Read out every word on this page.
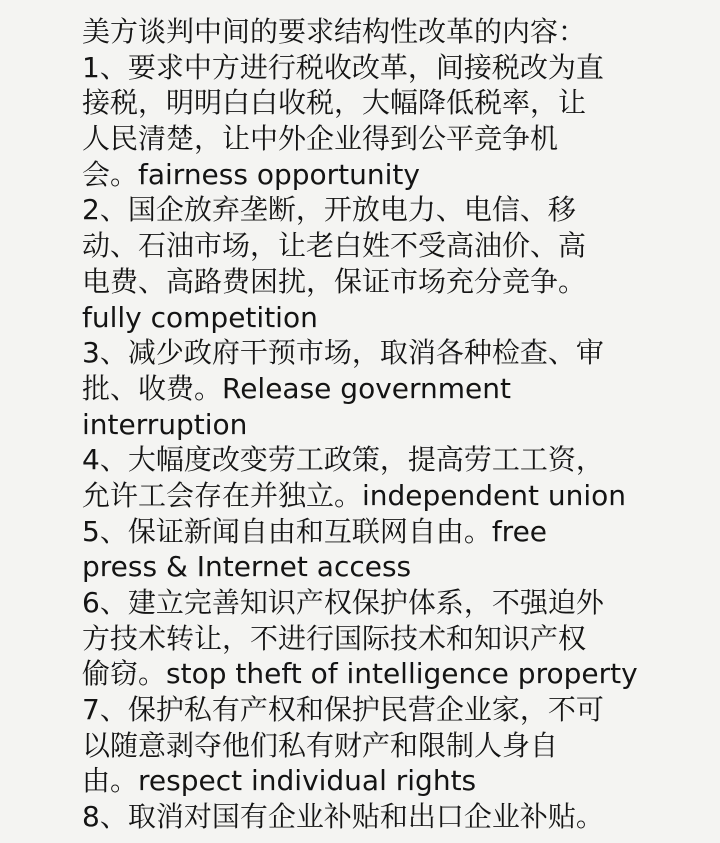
美方谈判中间的要求结构性改革的内容：
1、要求中方进行税收改革，间接税改为直
接税，明明白白收税，大幅降低税率，让
人民清楚，让中外企业得到公平竞争机
会。fairness opportunity
2、国企放弃垄断，开放电力、电信、移
动、石油市场，让老白姓不受高油价、高
电费、高路费困扰，保证市场充分竞争。
fully competition
3、减少政府干预市场，取消各种检查、审
批、收费。Release government
interruption
4、大幅度改变劳工政策，提高劳工工资，
允许工会存在并独立。independent union
5、保证新闻自由和互联网自由。free
press & Internet access
6、建立完善知识产权保护体系，不强迫外
方技术转让，不进行国际技术和知识产权
偷窃。stop theft of intelligence property
7、保护私有产权和保护民营企业家，不可
以随意剥夺他们私有财产和限制人身自
由。respect individual rights
8、取消对国有企业补贴和出口企业补贴。
